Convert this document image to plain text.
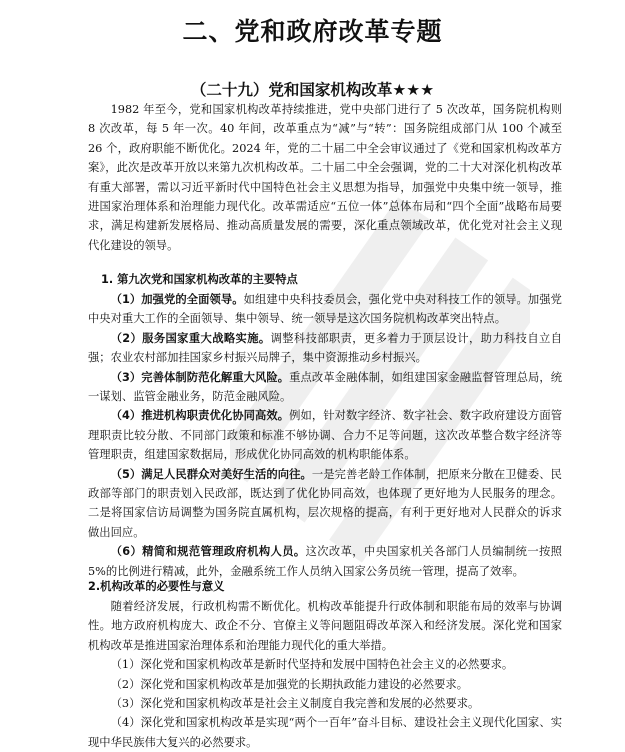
二、党和政府改革专题
（二十九）党和国家机构改革★★★

1982 年至今，党和国家机构改革持续推进，党中央部门进行了 5 次改革，国务院机构则 8 次改革，每 5 年一次。40 年间，改革重点为“减”与“转”：国务院组成部门从 100 个减至 26 个，政府职能不断优化。2024 年，党的二十届二中全会审议通过了《党和国家机构改革方案》，此次是改革开放以来第九次机构改革。二十届二中全会强调，党的二十大对深化机构改革有重大部署，需以习近平新时代中国特色社会主义思想为指导，加强党中央集中统一领导，推进国家治理体系和治理能力现代化。改革需适应“五位一体”总体布局和“四个全面”战略布局要求，满足构建新发展格局、推动高质量发展的需要，深化重点领域改革，优化党对社会主义现代化建设的领导。

1. 第九次党和国家机构改革的主要特点

（1）加强党的全面领导。如组建中央科技委员会，强化党中央对科技工作的领导。加强党中央对重大工作的全面领导、集中领导、统一领导是这次国务院机构改革突出特点。

（2）服务国家重大战略实施。调整科技部职责，更多着力于顶层设计，助力科技自立自强；农业农村部加挂国家乡村振兴局牌子，集中资源推动乡村振兴。

（3）完善体制防范化解重大风险。重点改革金融体制，如组建国家金融监督管理总局，统一谋划、监管金融业务，防范金融风险。

（4）推进机构职责优化协同高效。例如，针对数字经济、数字社会、数字政府建设方面管理职责比较分散、不同部门政策和标准不够协调、合力不足等问题，这次改革整合数字经济等管理职责，组建国家数据局，形成优化协同高效的机构职能体系。

（5）满足人民群众对美好生活的向往。一是完善老龄工作体制，把原来分散在卫健委、民政部等部门的职责划入民政部，既达到了优化协同高效，也体现了更好地为人民服务的理念。二是将国家信访局调整为国务院直属机构，层次规格的提高，有利于更好地对人民群众的诉求做出回应。

（6）精简和规范管理政府机构人员。这次改革，中央国家机关各部门人员编制统一按照 5%的比例进行精减，此外，金融系统工作人员纳入国家公务员统一管理，提高了效率。

2.机构改革的必要性与意义

随着经济发展，行政机构需不断优化。机构改革能提升行政体制和职能布局的效率与协调性。地方政府机构庞大、政企不分、官僚主义等问题阻碍改革深入和经济发展。深化党和国家机构改革是推进国家治理体系和治理能力现代化的重大举措。

（1）深化党和国家机构改革是新时代坚持和发展中国特色社会主义的必然要求。

（2）深化党和国家机构改革是加强党的长期执政能力建设的必然要求。

（3）深化党和国家机构改革是社会主义制度自我完善和发展的必然要求。

（4）深化党和国家机构改革是实现“两个一百年”奋斗目标、建设社会主义现代化国家、实现中华民族伟大复兴的必然要求。
